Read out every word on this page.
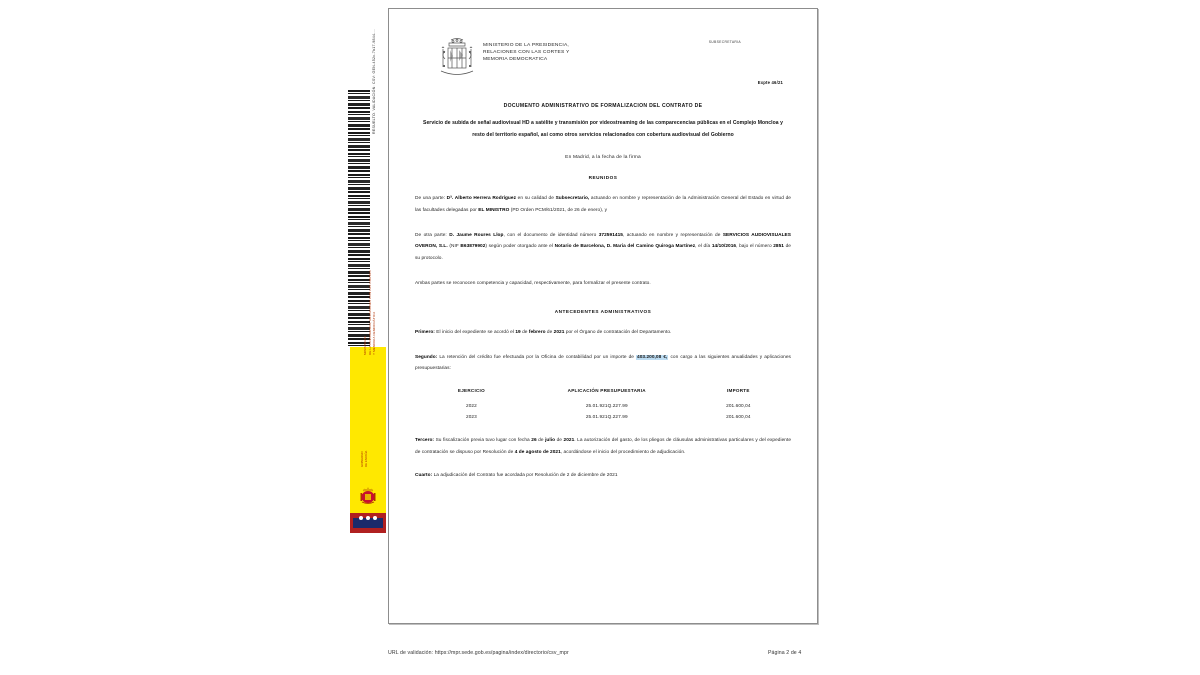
RESUELTO. VALIDACIÓN: CSV: GEN-452c-7b17-9844-...
MINISTERIO DE LA PRESIDENCIA, RELACIONES CON LAS CORTES Y MEMORIA DEMOCRÁTICA
GOBIERNO DE ESPAÑA
MINISTERIO DE LA PRESIDENCIA,
RELACIONES CON LAS CORTES Y
MEMORIA DEMOCRATICA
SUBSECRETARIA
Expte 46/21
DOCUMENTO ADMINISTRATIVO DE FORMALIZACION DEL CONTRATO DE
Servicio de subida de señal audiovisual HD a satélite y transmisión por videostreaming de las comparecencias públicas en el Complejo Moncloa y resto del territorio español, así como otros servicios relacionados con cobertura audiovisual del Gobierno
En Madrid, a la fecha de la firma
REUNIDOS

De una parte: Dª. Alberto Herrera Rodríguez en su calidad de Subsecretario, actuando en nombre y representación de la Administración General del Estado en virtud de las facultades delegadas por EL MINISTRO (PD Orden PCM/61/2021, de 26 de enero), y

De otra parte: D. Jaume Roures Llop, con el documento de identidad número 372591415, actuando en nombre y representación de SERVICIOS AUDIOVISUALES OVERON, S.L. (NIF B63879902) según poder otorgado ante el Notario de Barcelona, D. Maria del Camino Quiroga Martínez, el día 14/10/2016, bajo el número 2851 de su protocolo.

Ambas partes se reconocen competencia y capacidad, respectivamente, para formalizar el presente contrato.

ANTECEDENTES ADMINISTRATIVOS

Primero: El inicio del expediente se acordó el 19 de febrero de 2021 por el Órgano de contratación del Departamento.

Segundo: La retención del crédito fue efectuada por la Oficina de contabilidad por un importe de 403.200,08 €, con cargo a las siguientes anualidades y aplicaciones presupuestarias:

EJERCICIO	APLICACIÓN PRESUPUESTARIA	IMPORTE
2022	25.01.921Q.227.99	201.600,04
2023	25.01.921Q.227.99	201.600,04

Tercero: Su fiscalización previa tuvo lugar con fecha 26 de julio de 2021. La autorización del gasto, de los pliegos de cláusulas administrativas particulares y del expediente de contratación se dispuso por Resolución de 4 de agosto de 2021, acordándose el inicio del procedimiento de adjudicación.

Cuarto: La adjudicación del Contrato fue acordada por Resolución de 2 de diciembre de 2021

URL de validación: https://mpr.sede.gob.es/pagina/index/directorio/csv_mpr	Página 2 de 4
